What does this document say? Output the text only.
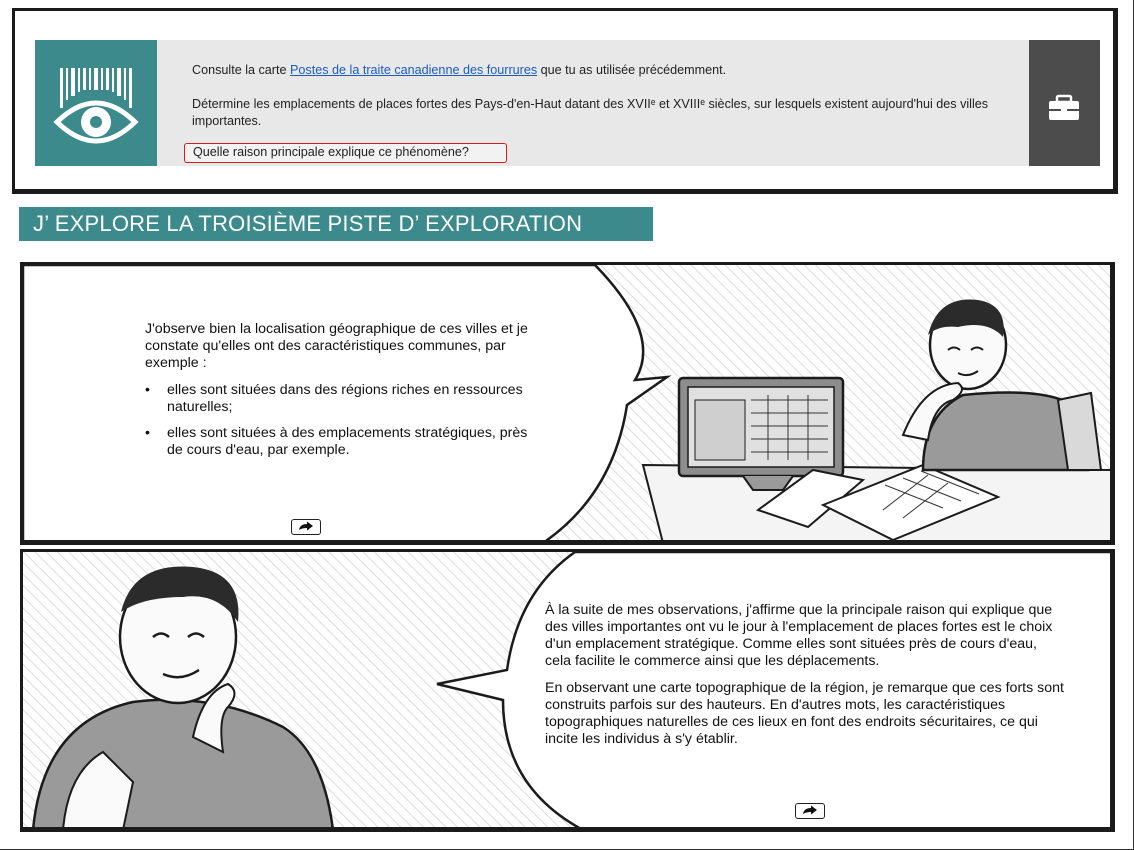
Consulte la carte Postes de la traite canadienne des fourrures que tu as utilisée précédemment.
Détermine les emplacements de places fortes des Pays-d'en-Haut datant des XVIIᵉ et XVIIIᵉ siècles, sur lesquels existent aujourd'hui des villes importantes.
Quelle raison principale explique ce phénomène?
J’ EXPLORE LA TROISIÈME PISTE D’ EXPLORATION

J'observe bien la localisation géographique de ces villes et je constate qu'elles ont des caractéristiques communes, par exemple :

• elles sont situées dans des régions riches en ressources naturelles;
• elles sont situées à des emplacements stratégiques, près de cours d'eau, par exemple.

À la suite de mes observations, j'affirme que la principale raison qui explique que des villes importantes ont vu le jour à l'emplacement de places fortes est le choix d'un emplacement stratégique. Comme elles sont situées près de cours d'eau, cela facilite le commerce ainsi que les déplacements.

En observant une carte topographique de la région, je remarque que ces forts sont construits parfois sur des hauteurs. En d'autres mots, les caractéristiques topographiques naturelles de ces lieux en font des endroits sécuritaires, ce qui incite les individus à s'y établir.
